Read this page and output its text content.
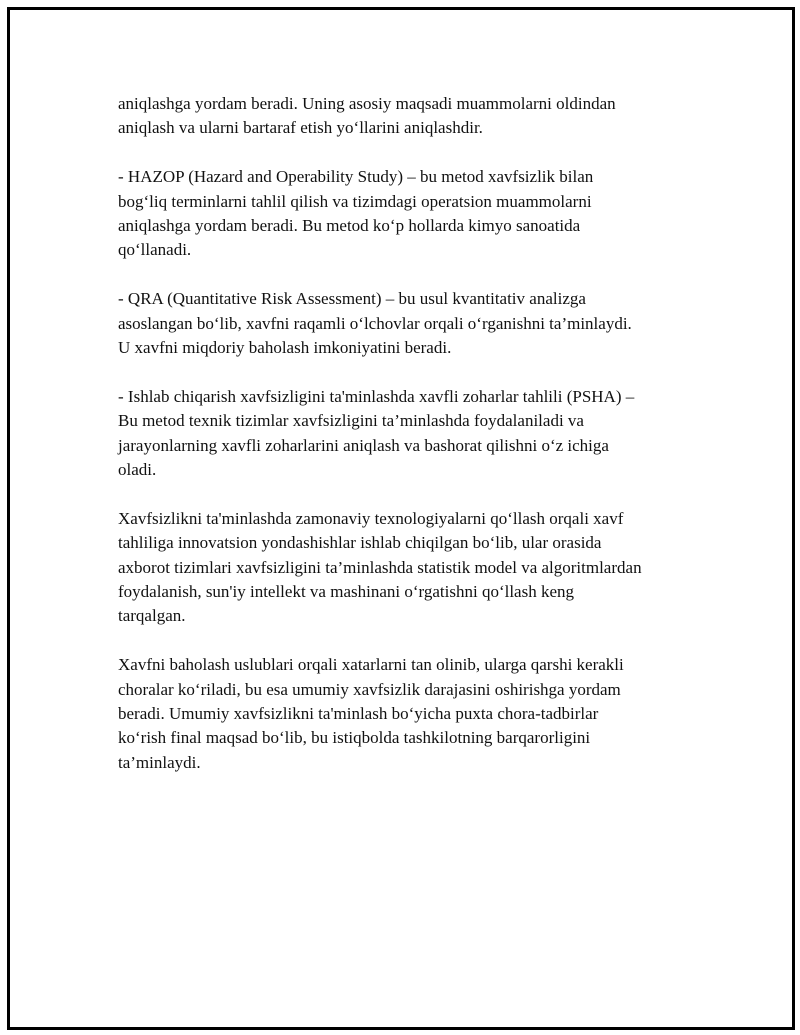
aniqlashga yordam beradi. Uning asosiy maqsadi muammolarni oldindan
aniqlash va ularni bartaraf etish yo‘llarini aniqlashdir.

- HAZOP (Hazard and Operability Study) – bu metod xavfsizlik bilan
bog‘liq terminlarni tahlil qilish va tizimdagi operatsion muammolarni
aniqlashga yordam beradi. Bu metod ko‘p hollarda kimyo sanoatida
qo‘llanadi.

- QRA (Quantitative Risk Assessment) – bu usul kvantitativ analizga
asoslangan bo‘lib, xavfni raqamli o‘lchovlar orqali o‘rganishni ta’minlaydi.
U xavfni miqdoriy baholash imkoniyatini beradi.

- Ishlab chiqarish xavfsizligini ta'minlashda xavfli zoharlar tahlili (PSHA) –
Bu metod texnik tizimlar xavfsizligini ta’minlashda foydalaniladi va
jarayonlarning xavfli zoharlarini aniqlash va bashorat qilishni o‘z ichiga
oladi.

Xavfsizlikni ta'minlashda zamonaviy texnologiyalarni qo‘llash orqali xavf
tahliliga innovatsion yondashishlar ishlab chiqilgan bo‘lib, ular orasida
axborot tizimlari xavfsizligini ta’minlashda statistik model va algoritmlardan
foydalanish, sun'iy intellekt va mashinani o‘rgatishni qo‘llash keng
tarqalgan.

Xavfni baholash uslublari orqali xatarlarni tan olinib, ularga qarshi kerakli
choralar ko‘riladi, bu esa umumiy xavfsizlik darajasini oshirishga yordam
beradi. Umumiy xavfsizlikni ta'minlash bo‘yicha puxta chora-tadbirlar
ko‘rish final maqsad bo‘lib, bu istiqbolda tashkilotning barqarorligini
ta’minlaydi.
